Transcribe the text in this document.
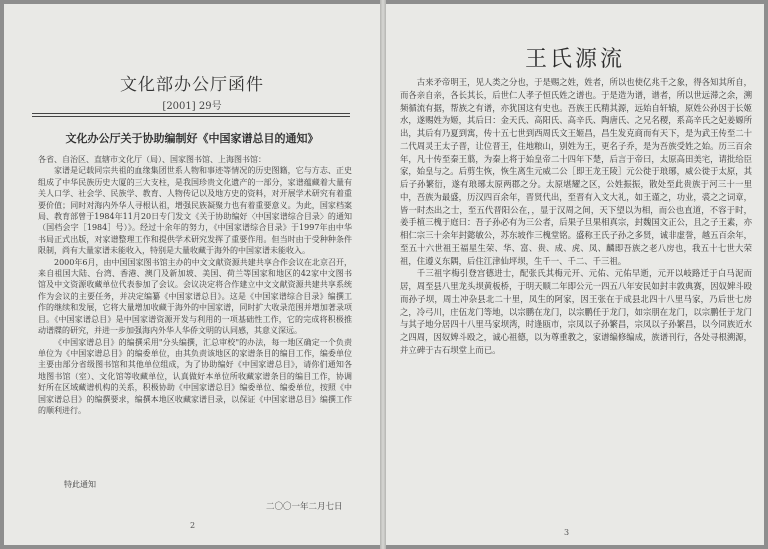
文化部办公厅函件
[2001] 29号
文化办公厅关于协助编制好《中国家谱总目的通知》

各省、自治区、直辖市文化厅（局）、国家图书馆、上海图书馆：

家谱是记载同宗共祖的血缘集团世系人物和事迹等情况的历史图籍，它与方志、正史组成了中华民族历史大厦的三大支柱，是我国珍贵文化遗产的一部分，家谱蕴藏着大量有关人口学、社会学、民族学、教育、人物传记以及地方史的资料，对开展学术研究有着重要价值；同时对海内外华人寻根认祖，增强民族凝聚力也有着重要意义。为此，国家档案局、教育部曾于1984年11月20日专门发文《关于协助编好〈中国家谱综合目录〉的通知（国档会字［1984］号）》。经过十余年的努力，《中国家谱综合目录》于1997年由中华书局正式出版，对家谱整理工作和提供学术研究发挥了重要作用。但当时由于受种种条件限制，尚有大量家谱未能收入，特别是大量收藏于海外的中国家谱未能收入。

2000年6月，由中国国家图书馆主办的中文文献资源共建共享合作会议在北京召开，来自祖国大陆、台湾、香港、澳门及新加坡、美国、荷兰等国家和地区的42家中文图书馆及中文资源收藏单位代表参加了会议。会议决定将合作建立中文文献资源共建共享系统作为会议的主要任务，并决定编纂《中国家谱总目》。这是《中国家谱综合目录》编撰工作的继续和发展，它将大量增加收藏于海外的中国家谱，同时扩大收录范围并增加著录项目。《中国家谱总目》是中国家谱资源开发与利用的一项基础性工作，它的完成将积极推动谱牒的研究，并进一步加强海内外华人华侨文明的认同感，其意义深远。

《中国家谱总目》的编撰采用"分头编撰，汇总审校"的办法，每一地区确定一个负责单位为《中国家谱总目》的编委单位，由其负责该地区的家谱条目的编目工作，编委单位主要由部分省级图书馆和其他单位组成，为了协助编好《中国家谱总目》，请你们通知各地图书馆（室）、文化馆等收藏单位，认真做好本单位所收藏家谱条目的编目工作，协调好所在区域藏谱机构的关系，积极协助《中国家谱总目》编委单位、编委单位，按照《中国家谱总目》的编撰要求，编撰本地区收藏家谱目录，以保证《中国家谱总目》编撰工作的顺利进行。

特此通知
二〇〇一年二月七日
2
王氏源流

古来矛帝明王，见人类之分也，于是赐之姓，姓者，所以也使亿兆千之象，得各知其所自，而各亲自亲，各长其长，后世仁人孝子恒氏姓之谱也。于是造为谱，谱者，所以世远滞之余，溯频循流有据，帮族之有谱，亦犹国这有史也。吾族王氏精其源，远始自轩辕，原姓公孙因于长姬水，遂赐姓为姬，其后曰：金天氏、高阳氏、高辛氏、陶唐氏、之兄名稷，系高辛氏之妃姜嫄所出，其后有乃夏到寓，传十五七世到西周氏文王姬昌，昌生发克商而有天下，是为武王传至二十二代周灵王太子晋，让位晋王，住地粮山，别姓为王，更名子乔，是为吾族受姓之始。历三百余年，凡十传至秦王翦，为秦上将于始皇帝二十四年下楚，后言于帝曰，太原高田美宅，请批给臣家，始皇与之。后剪生恢，恢生离生元威二公［即王龙王陵］元公徙于琅琊，威公徙于太原，其后子孙繁衍，遂有琅琊太原两郡之分。太原堪耀之区，公姓振振，散处至此贵族于河三十一里中，吾族为最盛，历汉四百余年，晋贤代出，至晋有入文大礼，如王谨之，功业，裘之之词章，皆一时杰出之士，至五代晋阳公在，，显于汉周之间，天下望以为相，而公也直道，不容于时，姜手植三槐于庭曰：吾子孙必有为三公者，后果子旦果相真宗，封魏国文正公，且之子王素，亦相仁宗三十余年封懿敏公，苏东坡作三槐堂铭。盛称王氏子孙之多贤，诚非虚誉，越五百余年，至五十六世祖王福星生荣、华、富、贵、成、虎、凤、麟即吾族之老八房也，我五十七世大荣祖，住遵义东隅，后住江津仙坪坝，生千一、千二、千三祖。

千三祖字梅引登宫德进士，配张氏其梅元开、元佑、元佑早逝，元开以岐路迁于白马泥而居，周至县八里龙头坝黄板桥，于明天顺二年即公元一四五八年安民如封丰敦典赛，因奴婢斗殴而孙子坝，周土冲杂县北二十里，凤生的阿家，因王张在于成县北四十八里马家，乃后世七房之，冷弓川，庄伍龙门等地，以宗鹏在龙门，以宗鹏任于龙门，如宗朋在龙门，以宗鹏任于龙门与其子地分居四十八里马家坝湾，时逢瓯市，宗凤以子孙繁昌，宗凤以子孙繁昌，以今同族近水之四周，因奴婢斗殴之，诚心祖德，以为尊重教之，家谱编修编成，族谱刊行，各处寻根溯源，并立碑于古石坝堂上而已。

3
